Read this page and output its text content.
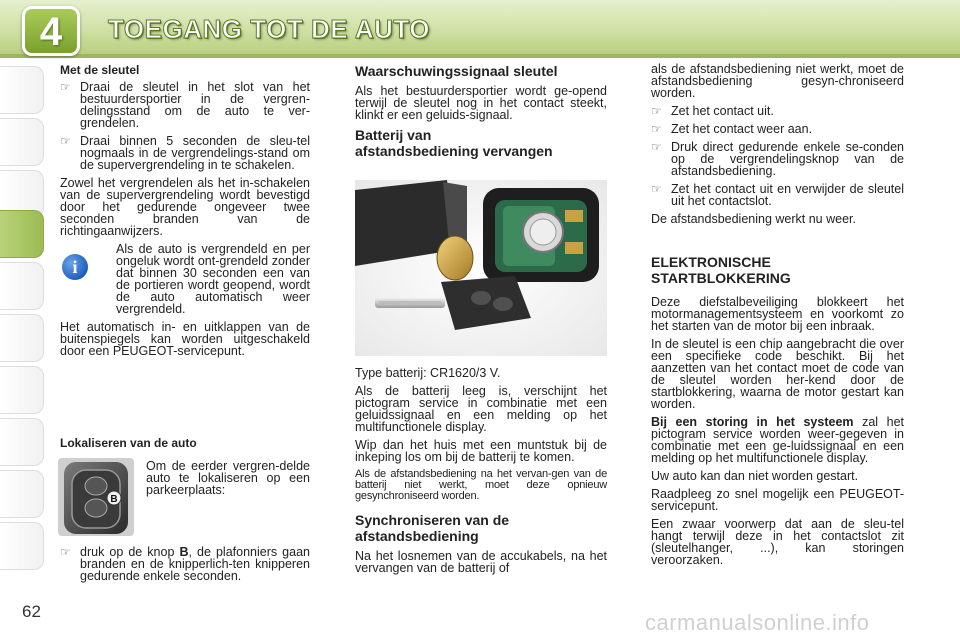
4	TOEGANG TOT DE AUTO
Met de sleutel
☞ Draai de sleutel in het slot van het bestuurdersportier in de vergren-delingsstand om de auto te ver-grendelen.
☞ Draai binnen 5 seconden de sleu-tel nogmaals in de vergrendelings-stand om de supervergrendeling in te schakelen.

Zowel het vergrendelen als het in-schakelen van de supervergrendeling wordt bevestigd door het gedurende ongeveer twee seconden branden van de richtingaanwijzers.

Als de auto is vergrendeld en per ongeluk wordt ont-grendeld zonder dat binnen 30 seconden een van de portieren wordt geopend, wordt de auto automatisch weer vergrendeld.

Het automatisch in- en uitklappen van de buitenspiegels kan worden uitgeschakeld door een PEUGEOT-servicepunt.

i
Lokaliseren van de auto

Om de eerder vergren-delde auto te lokaliseren op een parkeerplaats:

☞ druk op de knop B, de plafonniers gaan branden en de knipperlich-ten knipperen gedurende enkele seconden.
B
Waarschuwingssignaal sleutel

Als het bestuurdersportier wordt ge-opend terwijl de sleutel nog in het contact steekt, klinkt er een geluids-signaal.

Batterij van
afstandsbediening vervangen

Type batterij: CR1620/3 V.

Als de batterij leeg is, verschijnt het pictogram service in combinatie met een geluidssignaal en een melding op het multifunctionele display.

Wip dan het huis met een muntstuk bij de inkeping los om bij de batterij te komen.

Als de afstandsbediening na het vervan-gen van de batterij niet werkt, moet deze opnieuw gesynchroniseerd worden.

Synchroniseren van de afstandsbediening

Na het losnemen van de accukabels, na het vervangen van de batterij of

als de afstandsbediening niet werkt, moet de afstandsbediening gesyn-chroniseerd worden.

☞ Zet het contact uit.
☞ Zet het contact weer aan.
☞ Druk direct gedurende enkele se-conden op de vergrendelingsknop van de afstandsbediening.
☞ Zet het contact uit en verwijder de sleutel uit het contactslot.

De afstandsbediening werkt nu weer.

ELEKTRONISCHE
STARTBLOKKERING

Deze diefstalbeveiliging blokkeert het motormanagementsysteem en voorkomt zo het starten van de motor bij een inbraak.

In de sleutel is een chip aangebracht die over een specifieke code beschikt. Bij het aanzetten van het contact moet de code van de sleutel worden her-kend door de startblokkering, waarna de motor gestart kan worden.

Bij een storing in het systeem zal het pictogram service worden weer-gegeven in combinatie met een ge-luidssignaal en een melding op het multifunctionele display.

Uw auto kan dan niet worden gestart.

Raadpleeg zo snel mogelijk een PEUGEOT-servicepunt.

Een zwaar voorwerp dat aan de sleu-tel hangt terwijl deze in het contactslot zit (sleutelhanger, ...), kan storingen veroorzaken.

62	carmanualsonline.info
